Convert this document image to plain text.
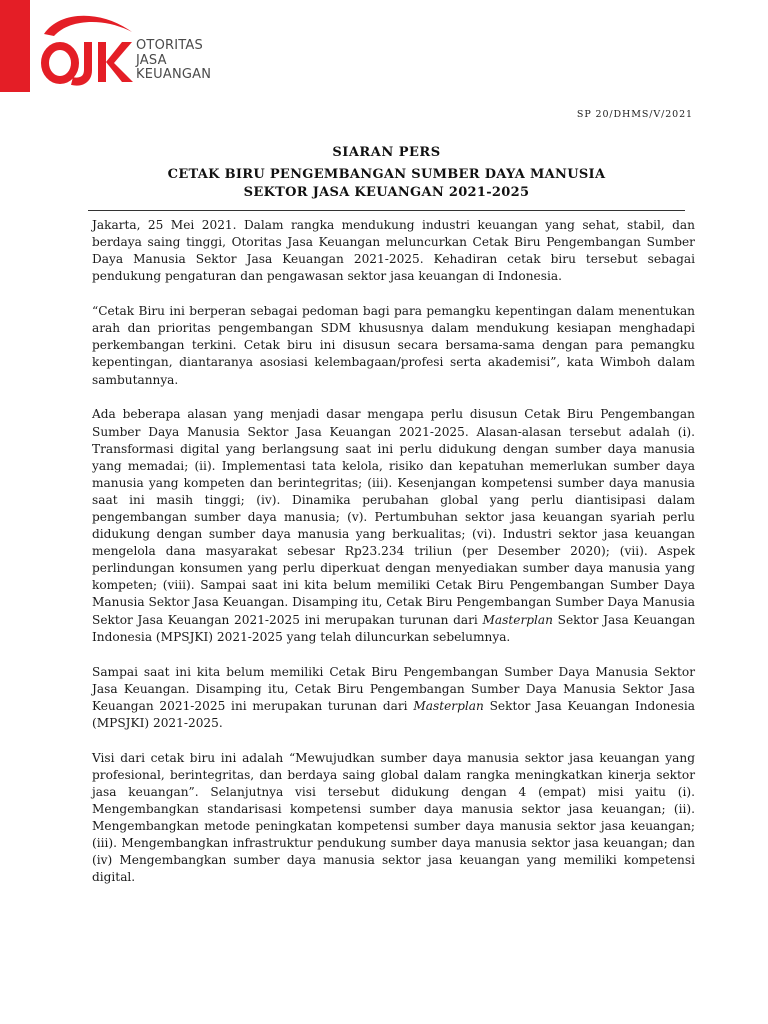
OTORITAS
JASA
KEUANGAN
SP 20/DHMS/V/2021
SIARAN PERS
CETAK BIRU PENGEMBANGAN SUMBER DAYA MANUSIA
SEKTOR JASA KEUANGAN 2021-2025

Jakarta, 25 Mei 2021. Dalam rangka mendukung industri keuangan yang sehat, stabil, dan berdaya saing tinggi, Otoritas Jasa Keuangan meluncurkan Cetak Biru Pengembangan Sumber Daya Manusia Sektor Jasa Keuangan 2021-2025. Kehadiran cetak biru tersebut sebagai pendukung pengaturan dan pengawasan sektor jasa keuangan di Indonesia.

“Cetak Biru ini berperan sebagai pedoman bagi para pemangku kepentingan dalam menentukan arah dan prioritas pengembangan SDM khususnya dalam mendukung kesiapan menghadapi perkembangan terkini. Cetak biru ini disusun secara bersama-sama dengan para pemangku kepentingan, diantaranya asosiasi kelembagaan/profesi serta akademisi”, kata Wimboh dalam sambutannya.

Ada beberapa alasan yang menjadi dasar mengapa perlu disusun Cetak Biru Pengembangan Sumber Daya Manusia Sektor Jasa Keuangan 2021-2025. Alasan-alasan tersebut adalah (i). Transformasi digital yang berlangsung saat ini perlu didukung dengan sumber daya manusia yang memadai; (ii). Implementasi tata kelola, risiko dan kepatuhan memerlukan sumber daya manusia yang kompeten dan berintegritas; (iii). Kesenjangan kompetensi sumber daya manusia saat ini masih tinggi; (iv). Dinamika perubahan global yang perlu diantisipasi dalam pengembangan sumber daya manusia; (v). Pertumbuhan sektor jasa keuangan syariah perlu didukung dengan sumber daya manusia yang berkualitas; (vi). Industri sektor jasa keuangan mengelola dana masyarakat sebesar Rp23.234 triliun (per Desember 2020); (vii). Aspek perlindungan konsumen yang perlu diperkuat dengan menyediakan sumber daya manusia yang kompeten; (viii). Sampai saat ini kita belum memiliki Cetak Biru Pengembangan Sumber Daya Manusia Sektor Jasa Keuangan. Disamping itu, Cetak Biru Pengembangan Sumber Daya Manusia Sektor Jasa Keuangan 2021-2025 ini merupakan turunan dari Masterplan Sektor Jasa Keuangan Indonesia (MPSJKI) 2021-2025 yang telah diluncurkan sebelumnya.

Sampai saat ini kita belum memiliki Cetak Biru Pengembangan Sumber Daya Manusia Sektor Jasa Keuangan. Disamping itu, Cetak Biru Pengembangan Sumber Daya Manusia Sektor Jasa Keuangan 2021-2025 ini merupakan turunan dari Masterplan Sektor Jasa Keuangan Indonesia (MPSJKI) 2021-2025.

Visi dari cetak biru ini adalah “Mewujudkan sumber daya manusia sektor jasa keuangan yang profesional, berintegritas, dan berdaya saing global dalam rangka meningkatkan kinerja sektor jasa keuangan”. Selanjutnya visi tersebut didukung dengan 4 (empat) misi yaitu (i). Mengembangkan standarisasi kompetensi sumber daya manusia sektor jasa keuangan; (ii). Mengembangkan metode peningkatan kompetensi sumber daya manusia sektor jasa keuangan; (iii). Mengembangkan infrastruktur pendukung sumber daya manusia sektor jasa keuangan; dan (iv) Mengembangkan sumber daya manusia sektor jasa keuangan yang memiliki kompetensi digital.
